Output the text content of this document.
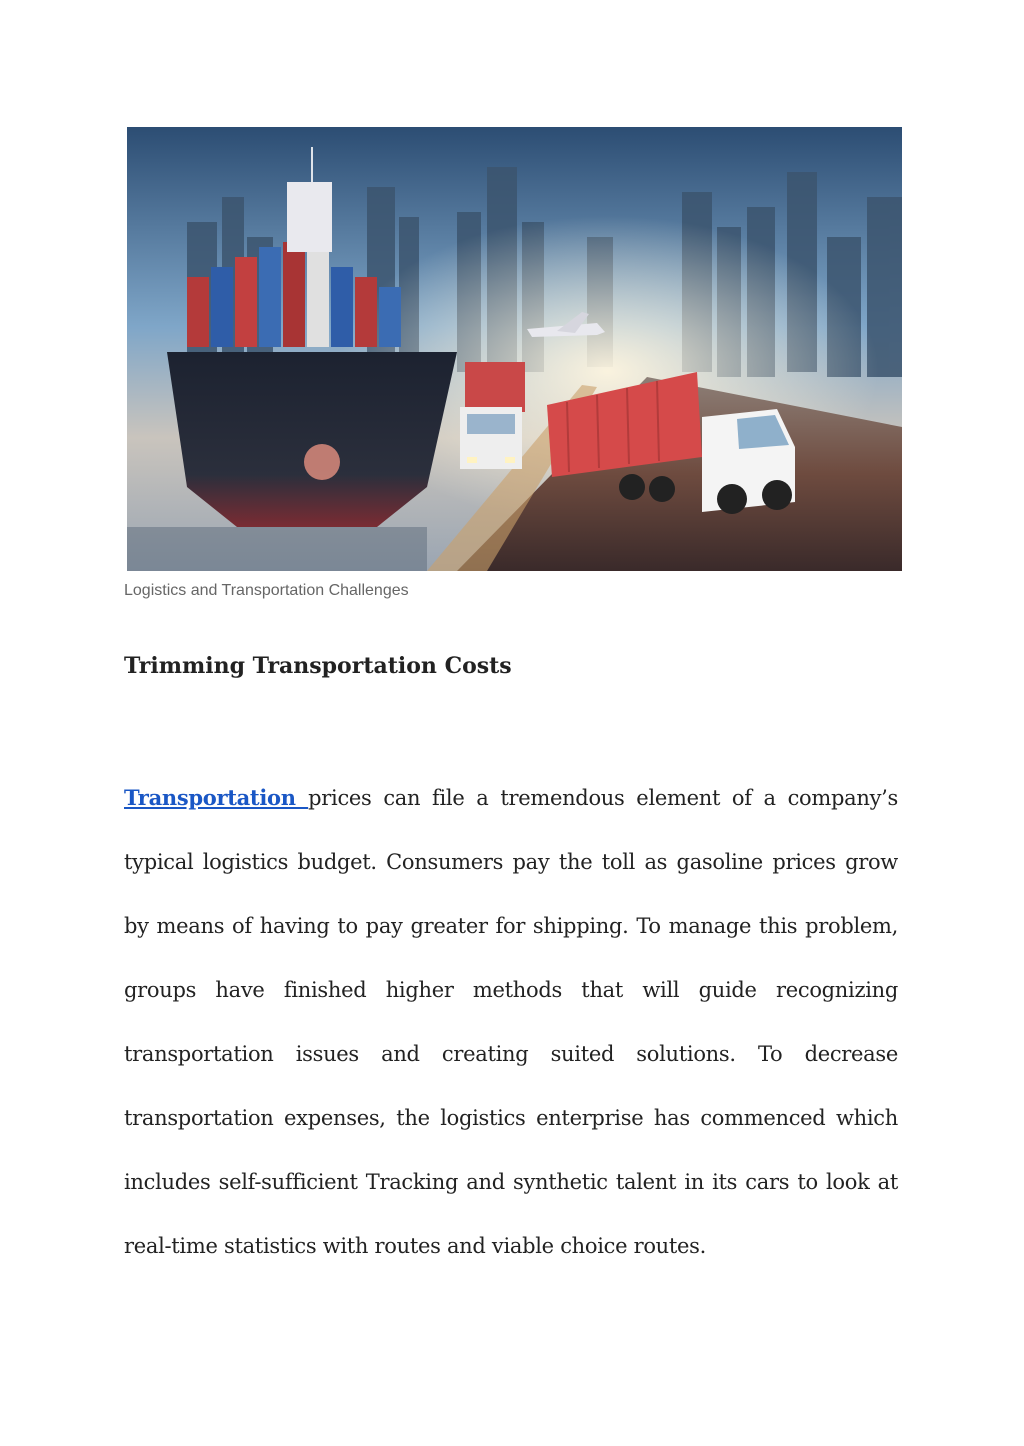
Logistics and Transportation Challenges

Trimming Transportation Costs

Transportation prices can file a tremendous element of a company’s typical logistics budget. Consumers pay the toll as gasoline prices grow by means of having to pay greater for shipping. To manage this problem, groups have finished higher methods that will guide recognizing transportation issues and creating suited solutions. To decrease transportation expenses, the logistics enterprise has commenced which includes self-sufficient Tracking and synthetic talent in its cars to look at real-time statistics with routes and viable choice routes.
